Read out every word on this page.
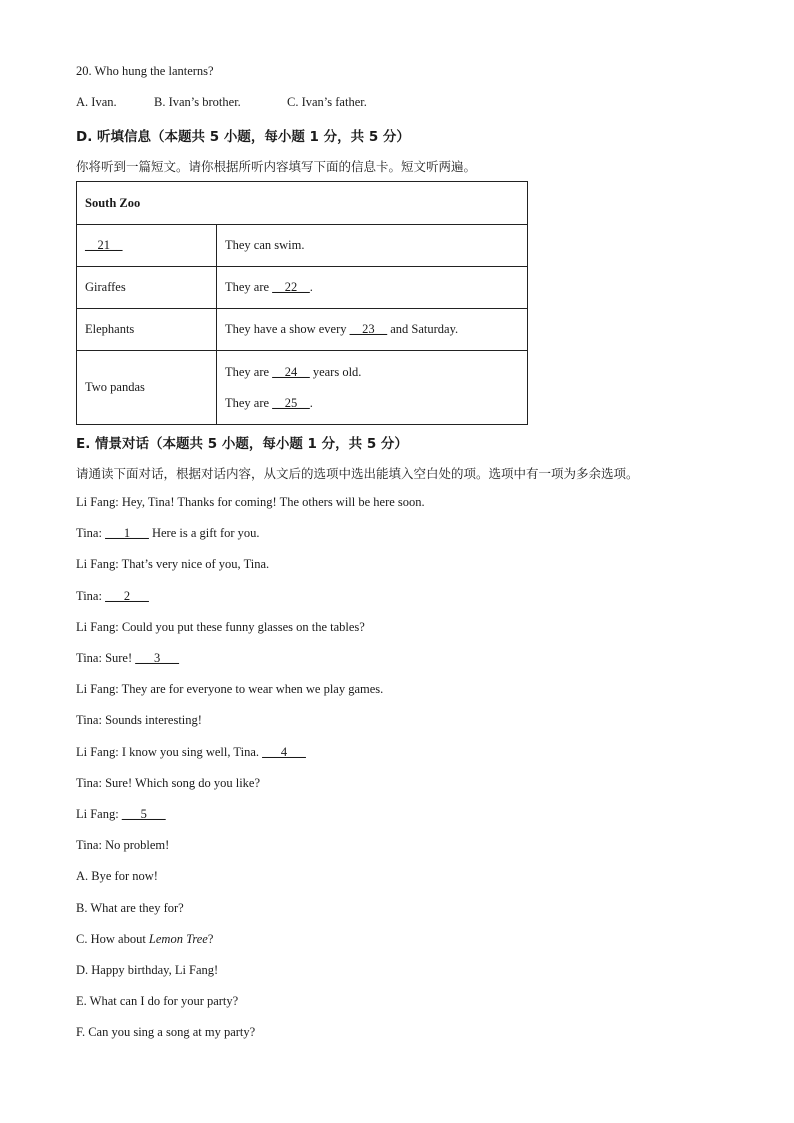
20. Who hung the lanterns?
A. Ivan.	B. Ivan’s brother.	C. Ivan’s father.
D. 听填信息（本题共 5 小题，每小题 1 分，共 5 分）
你将听到一篇短文。请你根据所听内容填写下面的信息卡。短文听两遍。
South Zoo	
__21__	They can swim.
Giraffes	They are __22__.
Elephants	They have a show every __23__ and Saturday.
Two pandas	They are __24__ years old.
They are __25__.
E. 情景对话（本题共 5 小题，每小题 1 分，共 5 分）
请通读下面对话，根据对话内容，从文后的选项中选出能填入空白处的项。选项中有一项为多余选项。
Li Fang: Hey, Tina! Thanks for coming! The others will be here soon.
Tina: ___1___ Here is a gift for you.
Li Fang: That’s very nice of you, Tina.
Tina: ___2___
Li Fang: Could you put these funny glasses on the tables?
Tina: Sure! ___3___
Li Fang: They are for everyone to wear when we play games.
Tina: Sounds interesting!
Li Fang: I know you sing well, Tina. ___4___
Tina: Sure! Which song do you like?
Li Fang: ___5___
Tina: No problem!
A. Bye for now!
B. What are they for?
C. How about Lemon Tree?
D. Happy birthday, Li Fang!
E. What can I do for your party?
F. Can you sing a song at my party?
